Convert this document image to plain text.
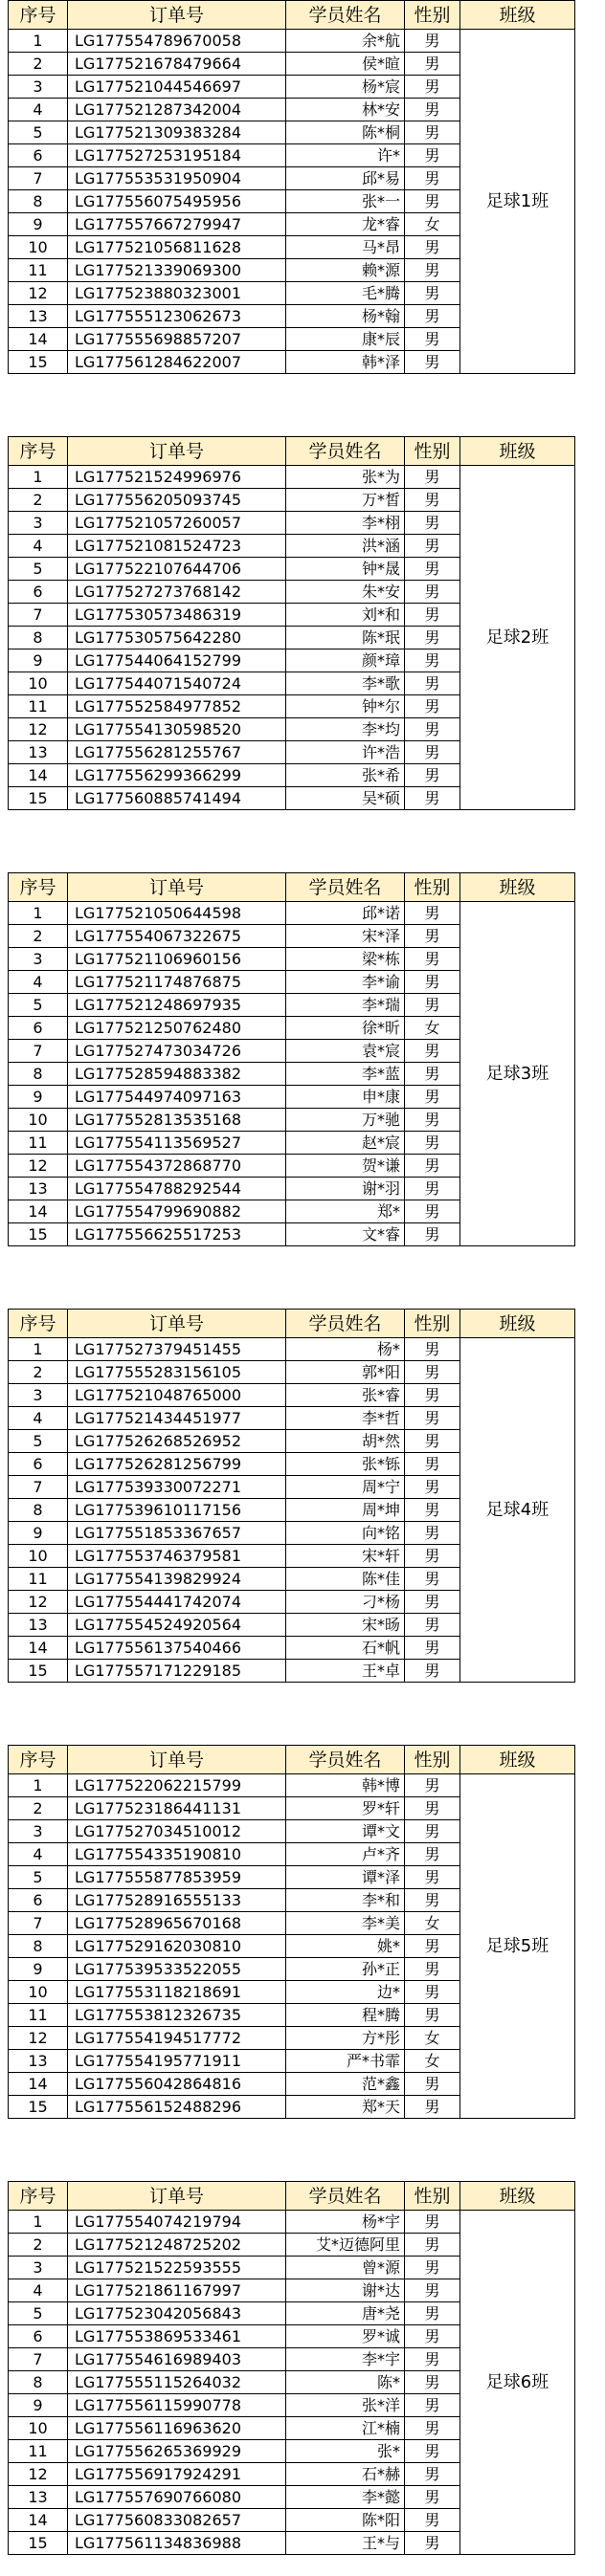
序号	订单号	学员姓名	性别	班级
1	LG177554789670058	余*航	男	足球1班
2	LG177521678479664	侯*暄	男	
3	LG177521044546697	杨*宸	男	
4	LG177521287342004	林*安	男	
5	LG177521309383284	陈*桐	男	
6	LG177527253195184	许*	男	
7	LG177553531950904	邱*易	男	
8	LG177556075495956	张*一	男	
9	LG177557667279947	龙*睿	女	
10	LG177521056811628	马*昂	男	
11	LG177521339069300	赖*源	男	
12	LG177523880323001	毛*腾	男	
13	LG177555123062673	杨*翰	男	
14	LG177555698857207	康*辰	男	
15	LG177561284622007	韩*泽	男	
序号	订单号	学员姓名	性别	班级
1	LG177521524996976	张*为	男	足球2班
2	LG177556205093745	万*皙	男	
3	LG177521057260057	李*栩	男	
4	LG177521081524723	洪*涵	男	
5	LG177522107644706	钟*晟	男	
6	LG177527273768142	朱*安	男	
7	LG177530573486319	刘*和	男	
8	LG177530575642280	陈*珉	男	
9	LG177544064152799	颜*璋	男	
10	LG177544071540724	李*歌	男	
11	LG177552584977852	钟*尔	男	
12	LG177554130598520	李*均	男	
13	LG177556281255767	许*浩	男	
14	LG177556299366299	张*希	男	
15	LG177560885741494	吴*硕	男	
序号	订单号	学员姓名	性别	班级
1	LG177521050644598	邱*诺	男	足球3班
2	LG177554067322675	宋*泽	男	
3	LG177521106960156	梁*栋	男	
4	LG177521174876875	李*谕	男	
5	LG177521248697935	李*瑞	男	
6	LG177521250762480	徐*昕	女	
7	LG177527473034726	袁*宸	男	
8	LG177528594883382	李*蓝	男	
9	LG177544974097163	申*康	男	
10	LG177552813535168	万*驰	男	
11	LG177554113569527	赵*宸	男	
12	LG177554372868770	贺*谦	男	
13	LG177554788292544	谢*羽	男	
14	LG177554799690882	郑*	男	
15	LG177556625517253	文*睿	男	
序号	订单号	学员姓名	性别	班级
1	LG177527379451455	杨*	男	足球4班
2	LG177555283156105	郭*阳	男	
3	LG177521048765000	张*睿	男	
4	LG177521434451977	李*哲	男	
5	LG177526268526952	胡*然	男	
6	LG177526281256799	张*铄	男	
7	LG177539330072271	周*宁	男	
8	LG177539610117156	周*坤	男	
9	LG177551853367657	向*铭	男	
10	LG177553746379581	宋*轩	男	
11	LG177554139829924	陈*佳	男	
12	LG177554441742074	刁*杨	男	
13	LG177554524920564	宋*旸	男	
14	LG177556137540466	石*帆	男	
15	LG177557171229185	王*卓	男	
序号	订单号	学员姓名	性别	班级
1	LG177522062215799	韩*博	男	足球5班
2	LG177523186441131	罗*轩	男	
3	LG177527034510012	谭*文	男	
4	LG177554335190810	卢*齐	男	
5	LG177555877853959	谭*泽	男	
6	LG177528916555133	李*和	男	
7	LG177528965670168	李*美	女	
8	LG177529162030810	姚*	男	
9	LG177539533522055	孙*正	男	
10	LG177553118218691	边*	男	
11	LG177553812326735	程*腾	男	
12	LG177554194517772	方*彤	女	
13	LG177554195771911	严*书霏	女	
14	LG177556042864816	范*鑫	男	
15	LG177556152488296	郑*天	男	
序号	订单号	学员姓名	性别	班级
1	LG177554074219794	杨*宇	男	足球6班
2	LG177521248725202	艾*迈德阿里	男	
3	LG177521522593555	曾*源	男	
4	LG177521861167997	谢*达	男	
5	LG177523042056843	唐*尧	男	
6	LG177553869533461	罗*诚	男	
7	LG177554616989403	李*宇	男	
8	LG177555115264032	陈*	男	
9	LG177556115990778	张*洋	男	
10	LG177556116963620	江*楠	男	
11	LG177556265369929	张*	男	
12	LG177556917924291	石*赫	男	
13	LG177557690766080	李*懿	男	
14	LG177560833082657	陈*阳	男	
15	LG177561134836988	王*与	男	
